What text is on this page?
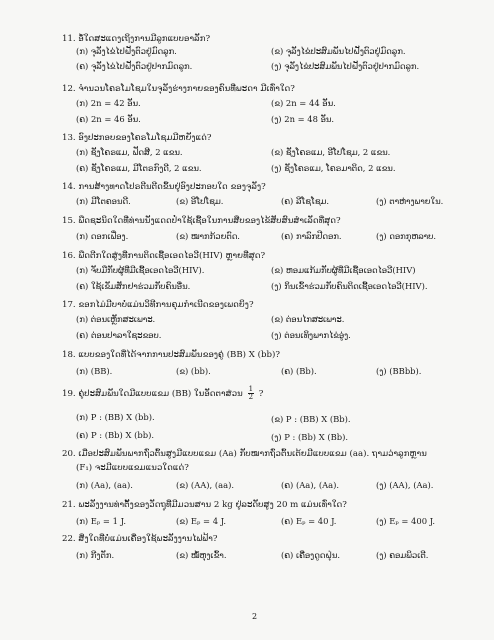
11. ອໍ້ໃດສະແດງເຖິງການມີລູກແບບອາລັກ?
(ກ) ຈຸລັງໄຂ່ໄປຝັງຕົວຢູ່ມົດລູກ.	(ຂ) ຈຸລັງໄຂ່ປະສົມພັນໄປຝັງຕົວຢູ່ມົດລູກ.
(ຄ) ຈຸລັງໄຂ່ໄປຝັງຕົວຢູ່ປາກມົດລູກ.	(ງ) ຈຸລັງໄຂ່ປະສົມພັນໄປຝັງຕົວຢູ່ປາກມົດລູກ.
12. ຈຳນວນໂຄຣໂມໂຊມໃນຈຸລັງຮ່າງກາຍຂອງຄົນທີ່ພະດາ ມີເທົ່າໃດ?
(ກ) 2n = 42 ອັນ.	(ຂ) 2n = 44 ອັນ.
(ຄ) 2n = 46 ອັນ.	(ງ) 2n = 48 ອັນ.
13. ອົງປະກອບຂອງໂຄຣໂມໂຊມມີຫຍັງແດ່?
(ກ) ຊັງໂຄຣແມ, ຟັດສີ, 2 ແຂນ.	(ຂ) ຊັງໂຄຣແມ, ອີໂປໂຊມ, 2 ແຂນ.
(ຄ) ຊັງໂຄຣແມ, ມີໂຕຣກົງດີ, 2 ແຂນ.	(ງ) ຊັງໂຄຣແມ, ໂຄຣມາຕິດ, 2 ແຂນ.
14. ການສ້າງທາດໂປຣຕີນຕີດຂຶ້ນຢູ່ອົງປະກອບໃດ ຂອງຈຸລັງ?
(ກ) ມີໂຕຄອນດີ.	(ຂ) ອີໂປໂຊມ.	(ຄ) ລີໂຊໂຊມ.	(ງ) ຕາຫ່າງພາຍໃນ.
15. ພືດຊະນິດໃດທີ່ທ່ານນັງແດດປໍ່າໃຊ້ເຊື້ອໃນການສືບຂອງໄຂ້ສັບສົນສໍາເລັດທີ່ສຸດ?
(ກ) ດອກເຟື່ອງ.	(ຂ) ໝາກກ້ວຍຕົດ.	(ຄ) ກາລົກປີດອກ.	(ງ) ດອກກຸຫລາບ.
16. ພືດຕີກໃດສູ່ງທີ່ການຕິດເຊື້ອເອດໄອວີ(HIV) ຫຼາຍທີ່ສຸດ?
(ກ) ຈັບມືກັບຜູ້ທີ່ມີເຊື້ອເອດໄອວີ(HIV).	(ຂ) ຫອມແກ້ມກັບຜູ້ທີ່ມີເຊື້ອເອດໄອວີ(HIV)
(ຄ) ໃຊ້ເຂັມສັກຢາຮ່ວມກັບຄົນອື່ນ.	(ງ) ກິນເຂົ້າຮ່ວມກັບຄົນຕິດເຊື້ອເອດໄອວີ(HIV).
17. ຂອກໄມ່ມີບາບໍ່ແມ່ນວິທີການຄຸມກຳເນີດຂອງເພດຍິງ?
(ກ) ຕ່ອນເຫຼັກສະເພາະ.	(ຂ) ຕ່ອນໄກສະເພາະ.
(ຄ) ຕ່ອນປາລາໃຊະຂອບ.	(ງ) ຕ່ອນເທິງພາກໄຂ່ອູ່ງ.
18. ແບບຂອງໃດທີ່ໄດ້ຈາກການປະສົມພັນຂອງຄູ່ (BB) X (bb)?
(ກ) (BB).	(ຂ) (bb).	(ຄ) (Bb).	(ງ) (BBbb).
19. ຄູ່ປະສົມພັນໃດມີແບບແຂມ (BB) ໃນອັດຕາສ່ວນ $\frac{1}{2}$ ?
(ກ) P : (BB) X (bb).	(ຂ) P : (BB) X (Bb).
(ຄ) P : (Bb) X (bb).	(ງ) P : (Bb) X (Bb).
20. ເມື່ອປະສົມພັນພາກຖົ່ວຕົ້ນສູງມີແບບແຂມ (Aa) ກັບໝາກຖົ່ວຕົ້ນເຕ້ຍມີແບບແຂມ (aa). ຖາມວ່າລູກຫຼານ
(F₁) ຈະມີແບບແຂມແນວໃດແດ່?
(ກ) (Aa), (aa).	(ຂ) (AA), (aa).	(ຄ) (Aa), (Aa).	(ງ) (AA), (Aa).
21. ພະລັງງານທ່າຕັ້ງຂອງວັດຖຸທີ່ມີມວນສານ 2 kg ຢູ່ລະດັບສູງ 20 m ແມ່ນເທົ່າໃດ?
(ກ) Eₚ = 1 J.	(ຂ) Eₚ = 4 J.	(ຄ) Eₚ = 40 J.	(ງ) Eₚ = 400 J.
22. ສິ່ງໃດທີ່ບໍ່ແມ່ນເຄື່ອງໃຊ້ພະລັງງານໄຟຟ້າ?
(ກ) ກີງຕັກ.	(ຂ) ໝໍ້ຫຸງເຂົ້າ.	(ຄ) ເຄື່ອງດູດຝຸ່ນ.	(ງ) ຄອມພິວເຕີ.
2
